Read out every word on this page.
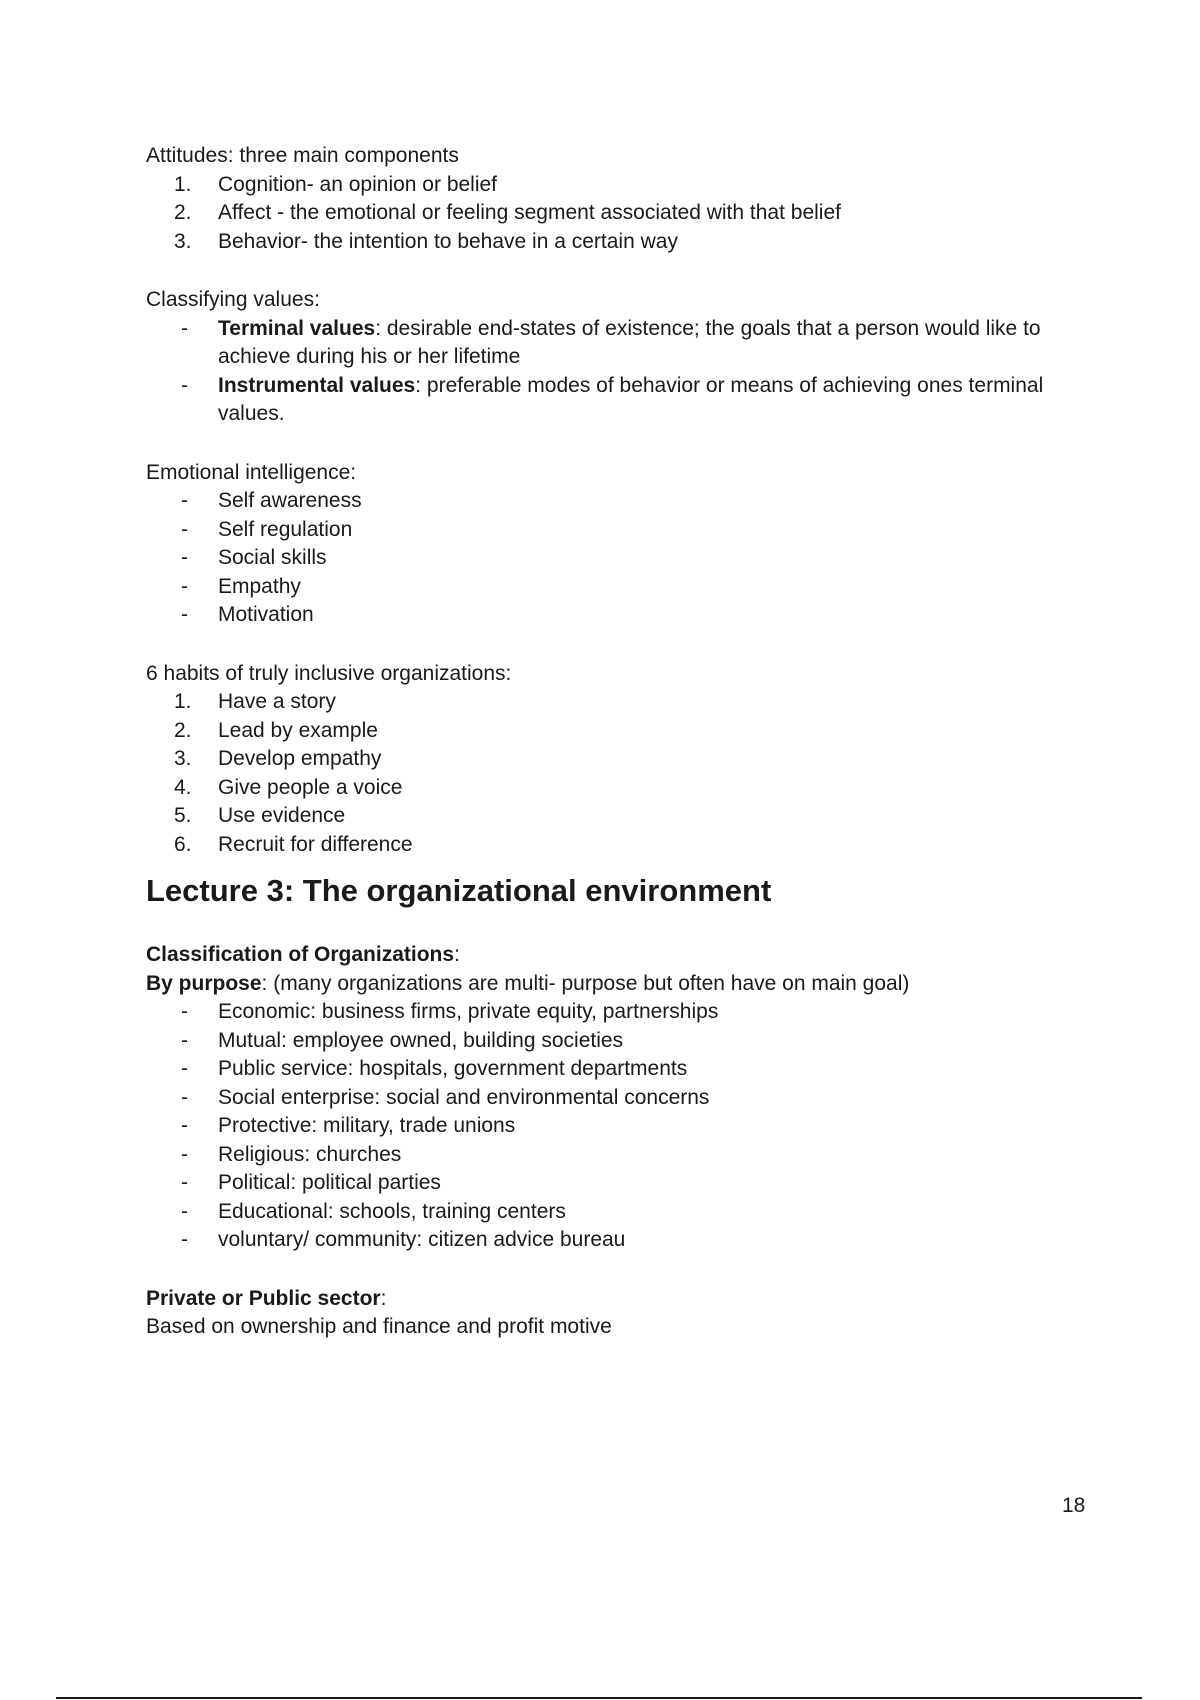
Attitudes: three main components

1.	Cognition- an opinion or belief
2.	Affect - the emotional or feeling segment associated with that belief
3.	Behavior- the intention to behave in a certain way

Classifying values:

-	Terminal values: desirable end-states of existence; the goals that a person would like to achieve during his or her lifetime
-	Instrumental values: preferable modes of behavior or means of achieving ones terminal values.

Emotional intelligence:

-	Self awareness
-	Self regulation
-	Social skills
-	Empathy
-	Motivation

6 habits of truly inclusive organizations:

1.	Have a story
2.	Lead by example
3.	Develop empathy
4.	Give people a voice
5.	Use evidence
6.	Recruit for difference
Lecture 3: The organizational environment

Classification of Organizations:

By purpose: (many organizations are multi- purpose but often have on main goal)

-	Economic: business firms, private equity, partnerships
-	Mutual: employee owned, building societies
-	Public service: hospitals, government departments
-	Social enterprise: social and environmental concerns
-	Protective: military, trade unions
-	Religious: churches
-	Political: political parties
-	Educational: schools, training centers
-	voluntary/ community: citizen advice bureau

Private or Public sector:

Based on ownership and finance and profit motive

18
